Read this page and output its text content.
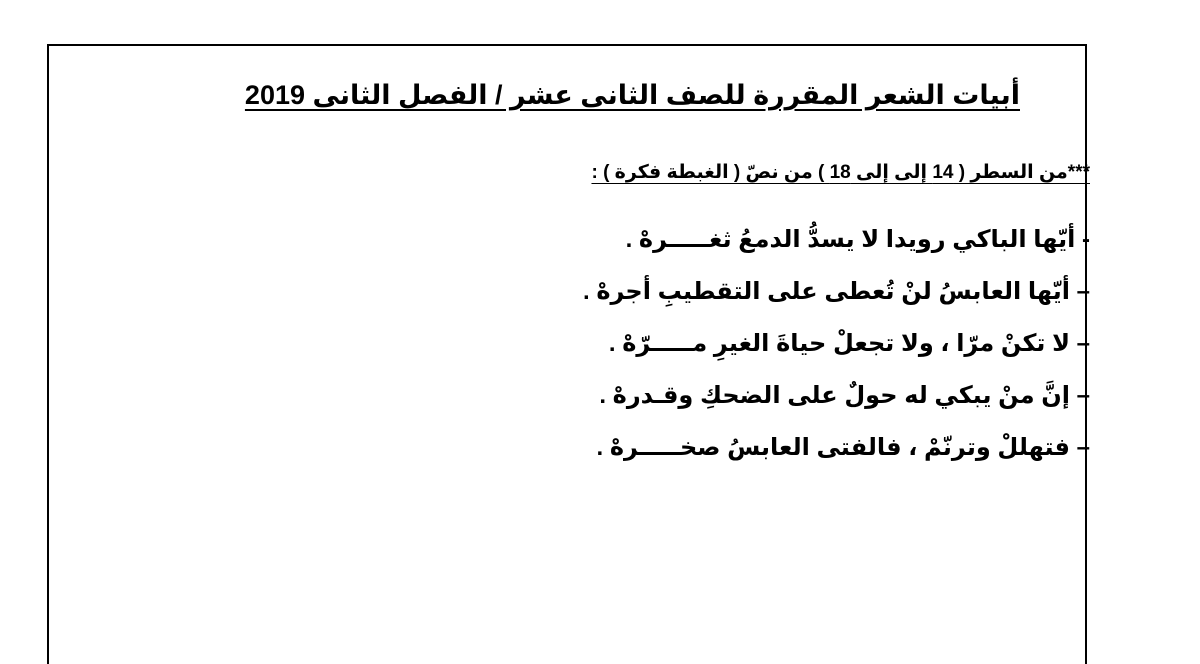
أبيات الشعر المقررة للصف الثانى عشر / الفصل الثانى 2019
***من السطر ( 14 إلى إلى 18 ) من نصّ ( الغبطة فكرة ) :
- أيّها الباكي رويدا لا يسدُّ الدمعُ ثغـــــرهْ .
– أيّها العابسُ لنْ تُعطى على التقطيبِ أجرهْ .
– لا تكنْ مرّا ، ولا تجعلْ حياةَ الغيرِ مـــــرّهْ .
– إنَّ منْ يبكي له حولٌ على الضحكِ وقـدرهْ .
– فتهللْ وترنّمْ ، فالفتى العابسُ صخـــــرهْ .
